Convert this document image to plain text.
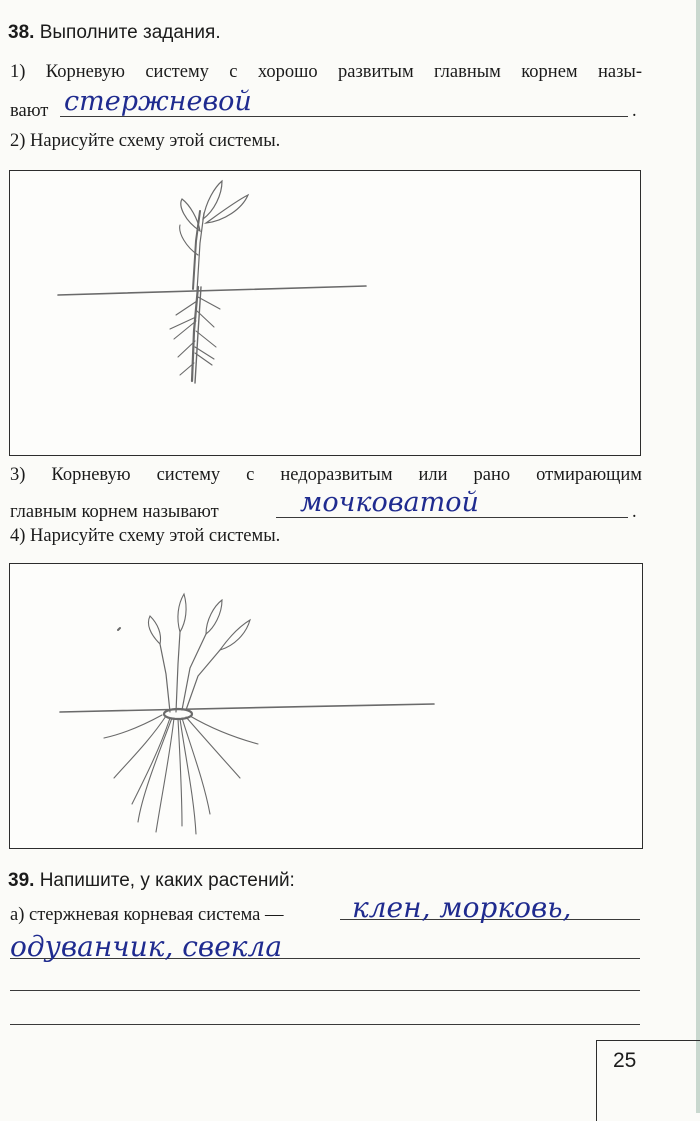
38. Выполните задания.
1) Корневую систему с хорошо развитым главным корнем назы-
вают стержневой	.
2) Нарисуйте схему этой системы.
3) Корневую систему с недоразвитым или рано отмирающим
главным корнем называют	мочковатой	.
4) Нарисуйте схему этой системы.
39. Напишите, у каких растений:
а) стержневая корневая система — клен, морковь,
одуванчик, свекла
25
